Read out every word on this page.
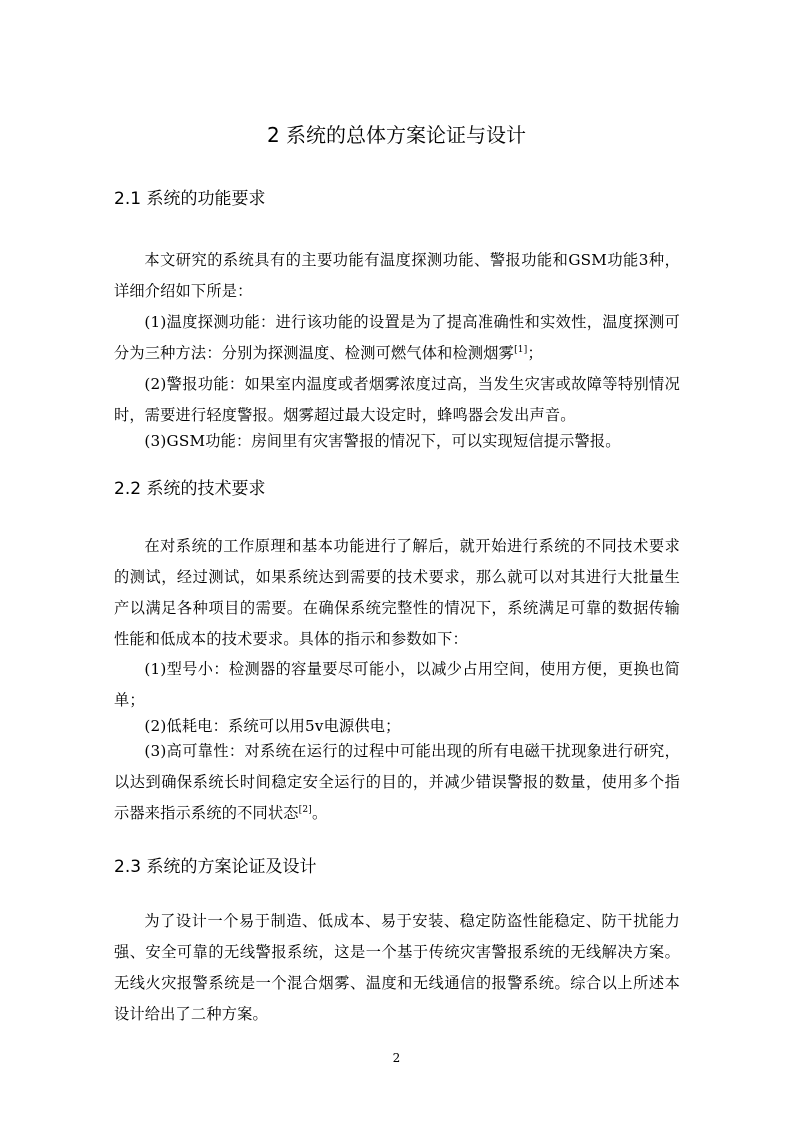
2 系统的总体方案论证与设计
2.1 系统的功能要求

本文研究的系统具有的主要功能有温度探测功能、警报功能和GSM功能3种，详细介绍如下所是：

(1)温度探测功能：进行该功能的设置是为了提高准确性和实效性，温度探测可分为三种方法：分别为探测温度、检测可燃气体和检测烟雾[1]；

(2)警报功能：如果室内温度或者烟雾浓度过高，当发生灾害或故障等特别情况时，需要进行轻度警报。烟雾超过最大设定时，蜂鸣器会发出声音。

(3)GSM功能：房间里有灾害警报的情况下，可以实现短信提示警报。

2.2 系统的技术要求

在对系统的工作原理和基本功能进行了解后，就开始进行系统的不同技术要求的测试，经过测试，如果系统达到需要的技术要求，那么就可以对其进行大批量生产以满足各种项目的需要。在确保系统完整性的情况下，系统满足可靠的数据传输性能和低成本的技术要求。具体的指示和参数如下：

(1)型号小：检测器的容量要尽可能小，以减少占用空间，使用方便，更换也简单；

(2)低耗电：系统可以用5v电源供电；

(3)高可靠性：对系统在运行的过程中可能出现的所有电磁干扰现象进行研究，以达到确保系统长时间稳定安全运行的目的，并减少错误警报的数量，使用多个指示器来指示系统的不同状态[2]。

2.3 系统的方案论证及设计

为了设计一个易于制造、低成本、易于安装、稳定防盗性能稳定、防干扰能力强、安全可靠的无线警报系统，这是一个基于传统灾害警报系统的无线解决方案。无线火灾报警系统是一个混合烟雾、温度和无线通信的报警系统。综合以上所述本设计给出了二种方案。

2
